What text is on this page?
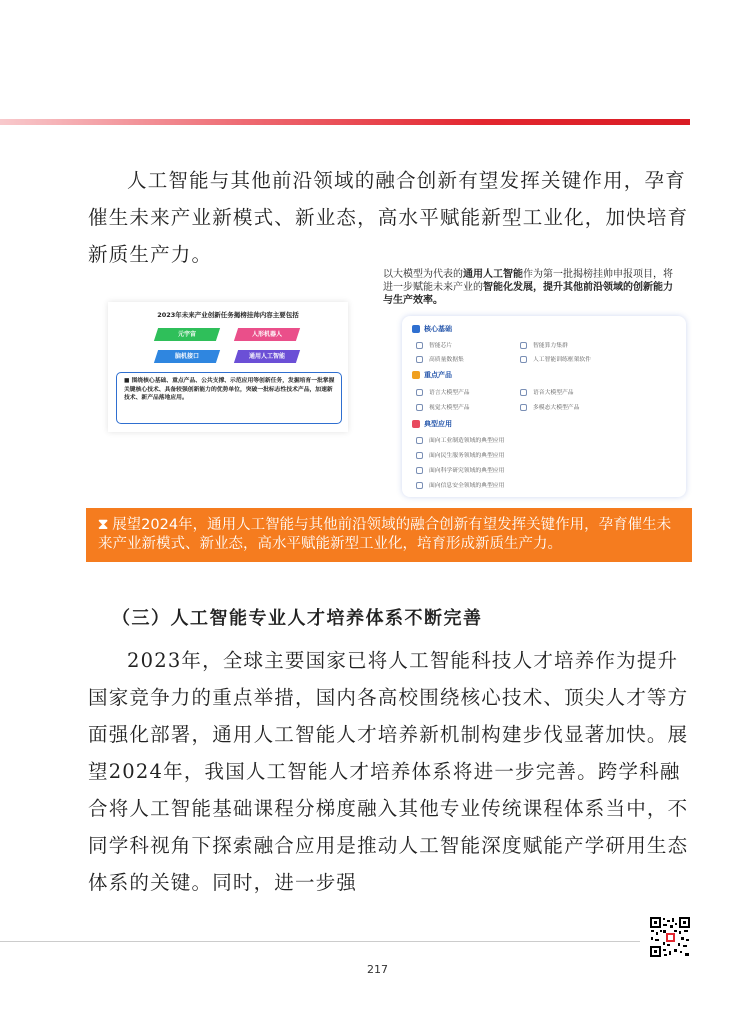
人工智能与其他前沿领域的融合创新有望发挥关键作用，孕育催生未来产业新模式、新业态，高水平赋能新型工业化，加快培育新质生产力。

2023年未来产业创新任务揭榜挂帅内容主要包括
元宇宙	人形机器人
脑机接口	通用人工智能
■ 围绕核心基础、重点产品、公共支撑、示范应用等创新任务，发掘培育一批掌握关键核心技术、具备较强创新能力的优势单位，突破一批标志性技术产品，加速新技术、新产品落地应用。

以大模型为代表的通用人工智能作为第一批揭榜挂帅申报项目，将进一步赋能未来产业的智能化发展，提升其他前沿领域的创新能力与生产效率。

核心基础
智能芯片	智能算力集群
高质量数据集	人工智能训练框架软件
重点产品
语言大模型产品	语音大模型产品
视觉大模型产品	多模态大模型产品
典型应用
面向工业制造领域的典型应用
面向民生服务领域的典型应用
面向科学研究领域的典型应用
面向信息安全领域的典型应用
⧗ 展望2024年，通用人工智能与其他前沿领域的融合创新有望发挥关键作用，孕育催生未来产业新模式、新业态，高水平赋能新型工业化，培育形成新质生产力。
（三）人工智能专业人才培养体系不断完善

2023年，全球主要国家已将人工智能科技人才培养作为提升国家竞争力的重点举措，国内各高校围绕核心技术、顶尖人才等方面强化部署，通用人工智能人才培养新机制构建步伐显著加快。展望2024年，我国人工智能人才培养体系将进一步完善。跨学科融合将人工智能基础课程分梯度融入其他专业传统课程体系当中，不同学科视角下探索融合应用是推动人工智能深度赋能产学研用生态体系的关键。同时，进一步强

217
